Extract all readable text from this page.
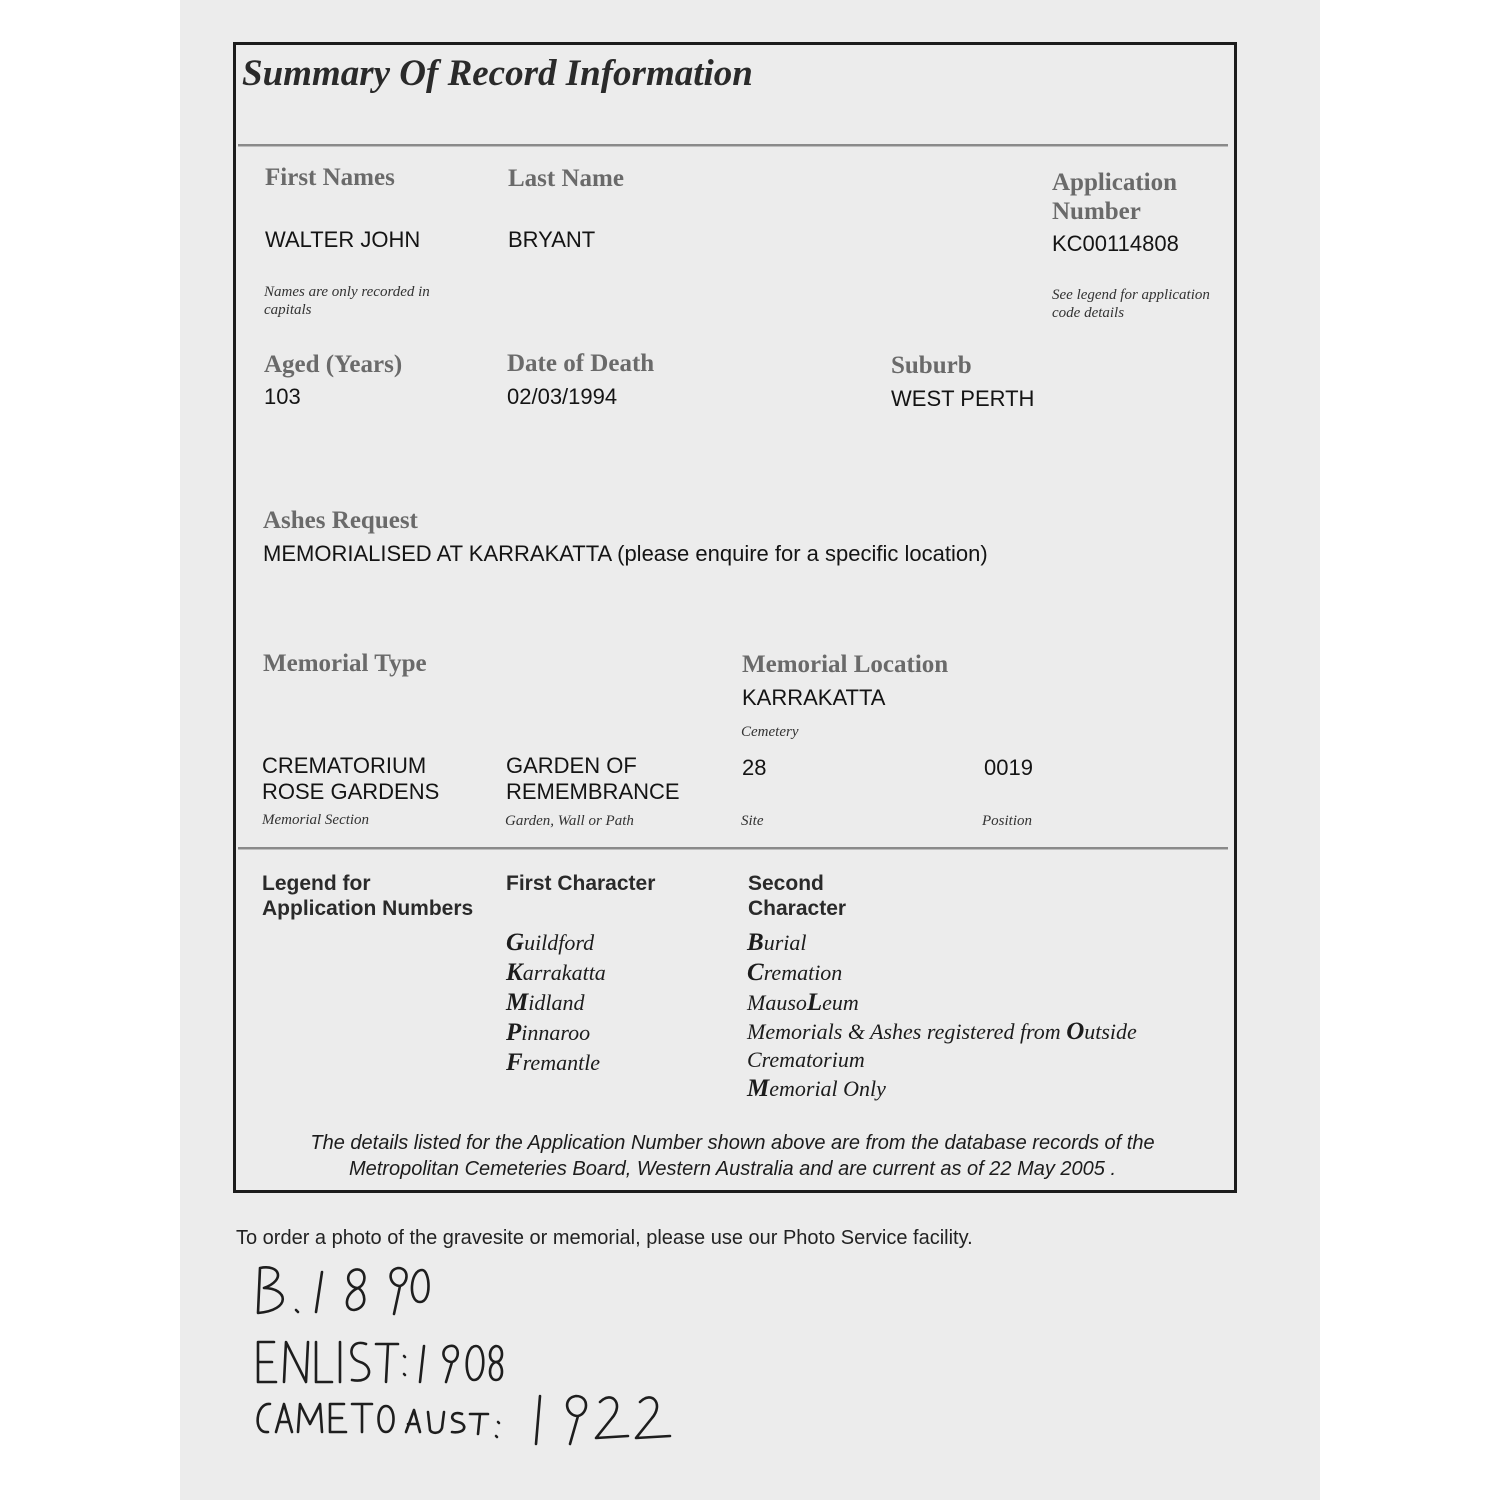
Summary Of Record Information
First Names
WALTER JOHN
Names are only recorded in capitals
Last Name
BRYANT
Application Number
KC00114808
See legend for application code details
Aged (Years)
103
Date of Death
02/03/1994
Suburb
WEST PERTH
Ashes Request
MEMORIALISED AT KARRAKATTA (please enquire for a specific location)
Memorial Type	Memorial Location
KARRAKATTA
Cemetery
CREMATORIUM
ROSE GARDENS
Memorial Section
GARDEN OF
REMEMBRANCE
Garden, Wall or Path
28
Site
0019
Position
Legend for
Application Numbers
First Character	Second
Character
Guildford
Karrakatta
Midland
Pinnaroo
Fremantle
Burial
Cremation
MausoLeum
Memorials & Ashes registered from Outside
Crematorium
Memorial Only
The details listed for the Application Number shown above are from the database records of the
Metropolitan Cemeteries Board, Western Australia and are current as of 22 May 2005 .
To order a photo of the gravesite or memorial, please use our Photo Service facility.
